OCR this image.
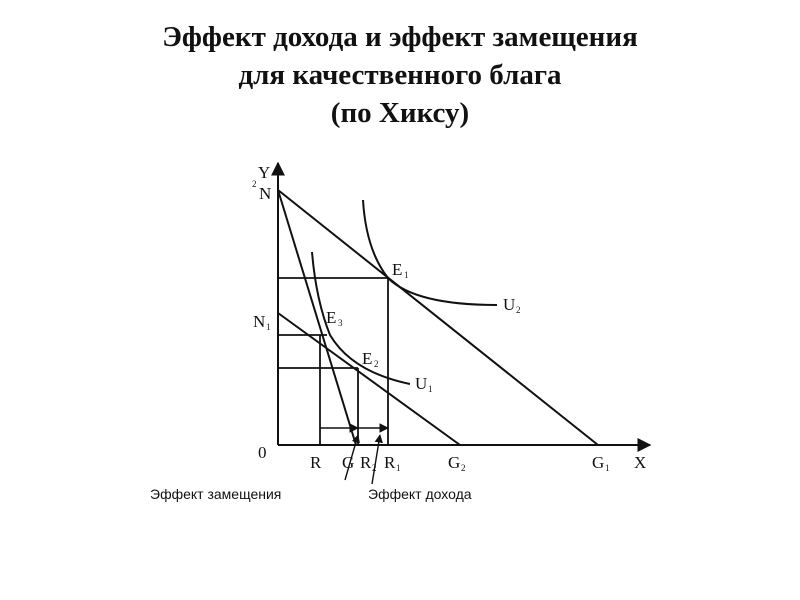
Эффект дохода и эффект замещения
для качественного блага
(по Хиксу)
Y
X
0
2 N
N 1
E 1
E 3
E 2
U 2
U 1
R G R 2 R 1	G 2	G 1
Эффект замещения	Эффект дохода
